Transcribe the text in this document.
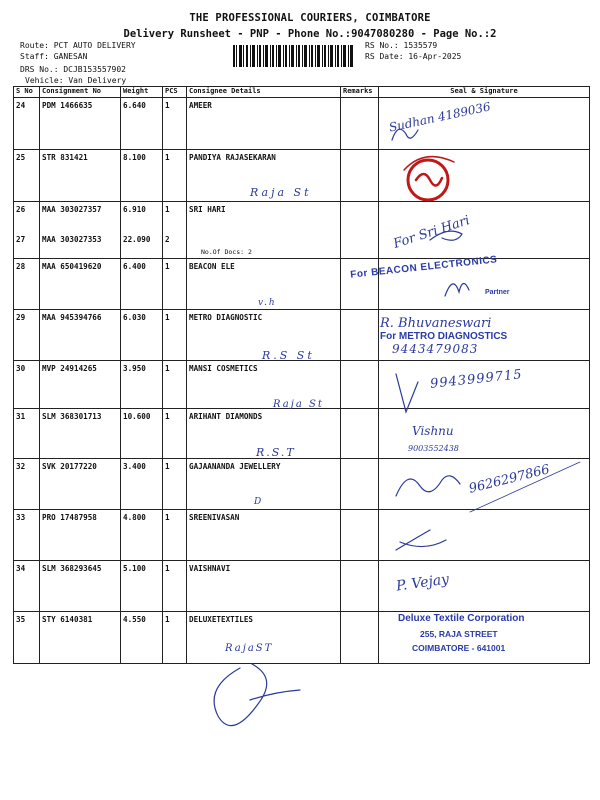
THE PROFESSIONAL COURIERS, COIMBATORE
Delivery Runsheet - PNP - Phone No.:9047080280 - Page No.:2
Route: PCT AUTO DELIVERY
Staff: GANESAN
DRS No.: DCJB153557902
Vehicle: Van Delivery
RS No.: 1535579
RS Date: 16-Apr-2025
S No	Consignment No	Weight	PCS	Consignee Details	Remarks	Seal & Signature
24	PDM 1466635	6.640	1	AMEER		
25	STR 831421	8.100	1	PANDIYA RAJASEKARAN		
26	MAA 303027357	6.910	1	SRI HARI		
27	MAA 303027353	22.090	2	No.Of Docs: 2		

28	MAA 650419620	6.400	1	BEACON ELE		
29	MAA 945394766	6.030	1	METRO DIAGNOSTIC		
30	MVP 24914265	3.950	1	MANSI COSMETICS		
31	SLM 368301713	10.600	1	ARIHANT DIAMONDS		
32	SVK 20177220	3.400	1	GAJAANANDA JEWELLERY		
33	PRO 17487958	4.800	1	SREENIVASAN		
34	SLM 368293645	5.100	1	VAISHNAVI		
35	STY 6140381	4.550	1	DELUXETEXTILES		
Raja St
v.h
R.S St
Raja St
R.S.T
D
RajaST
Sudhan 4189036
For Sri Hari
For BEACON ELECTRONICS
Partner
R. Bhuvaneswari
For METRO DIAGNOSTICS
9443479083
9943999715
Vishnu
9003552438
9626297866
P. Vejay
Deluxe Textile Corporation
255, RAJA STREET
COIMBATORE - 641001
